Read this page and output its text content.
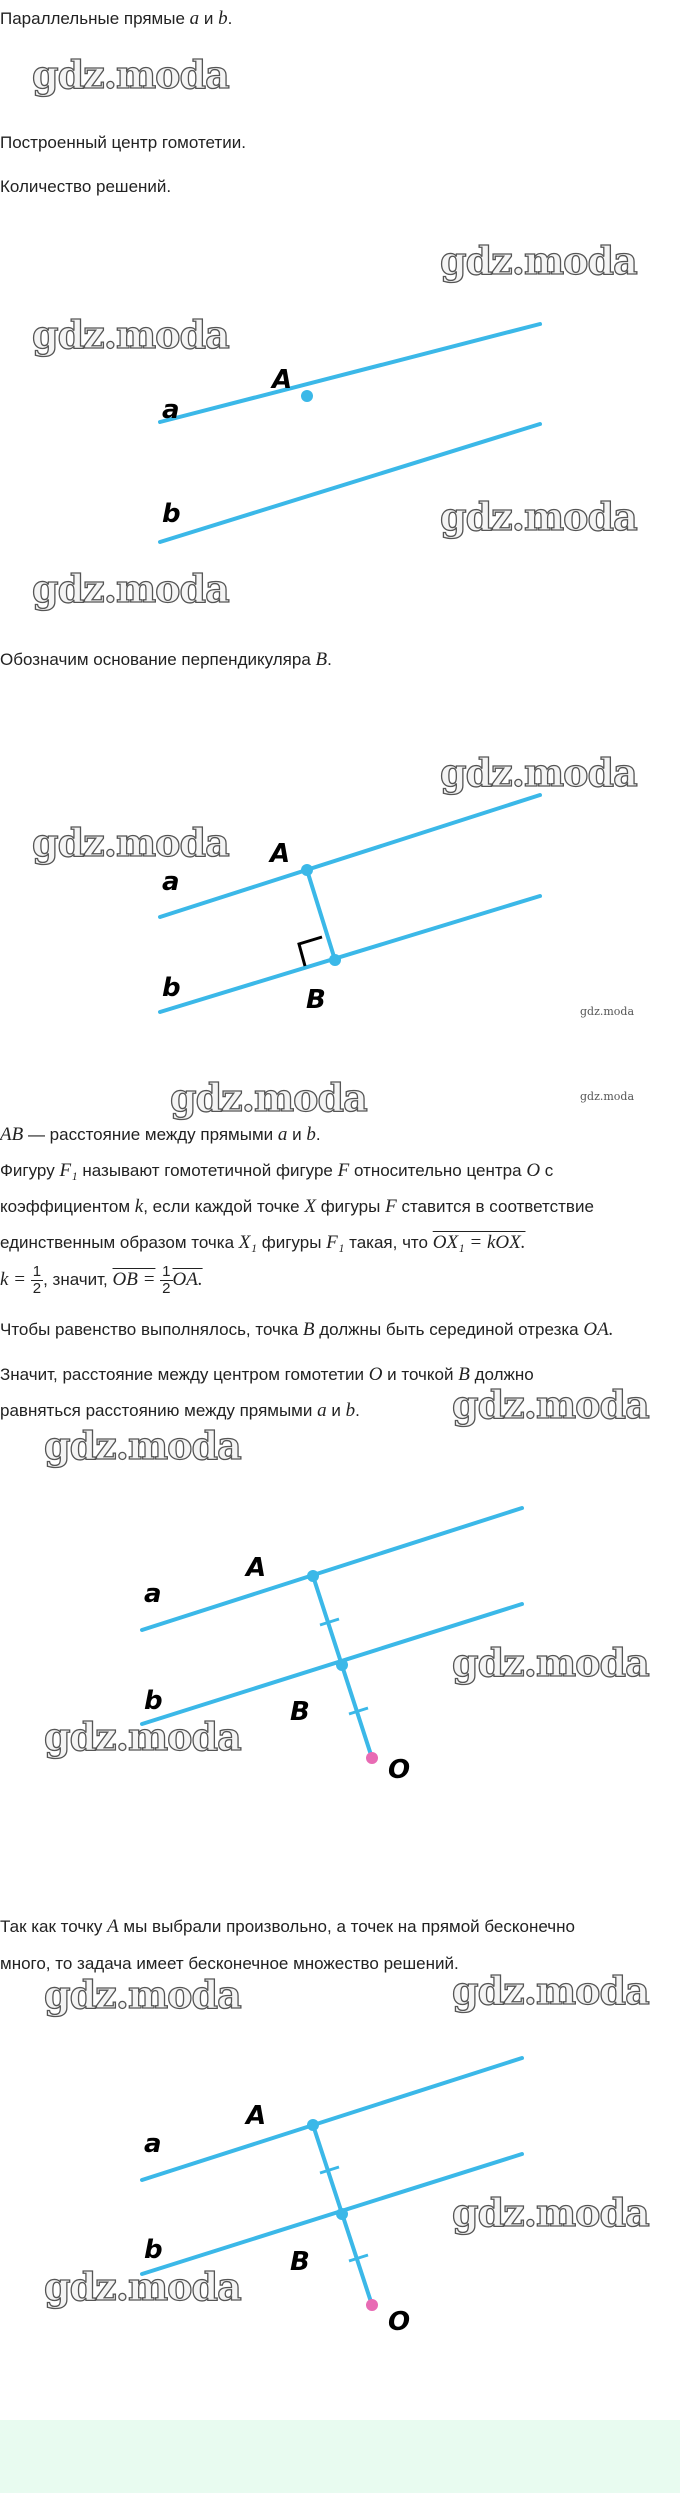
Параллельные прямые a и b.
gdz.moda
Построенный центр гомотетии.
Количество решений.
gdz.moda
gdz.moda
A
a
b	gdz.moda
gdz.moda
Обозначим основание перпендикуляра B.
gdz.moda
gdz.moda A
a
b	B	gdz.moda
gdz.moda	gdz.moda
AB — расстояние между прямыми a и b.
Фигуру F₁ называют гомотетичной фигуре F относительно центра O с
коэффициентом k, если каждой точке X фигуры F ставится в соответствие
единственным образом точка X₁ фигуры F₁ такая, что OX₁ = kOX.
$k = \frac{1}{2}$ , значит, OB = $\frac{1}{2}$ OA.
Чтобы равенство выполнялось, точка B должны быть серединой отрезка OA.
Значит, расстояние между центром гомотетии O и точкой B должно
равняться расстоянию между прямыми a и b. gdz.moda
gdz.moda
A
a
b	B
O
gdz.moda
gdz.moda
Так как точку A мы выбрали произвольно, а точек на прямой бесконечно
много, то задача имеет бесконечное множество решений.
gdz.moda
gdz.moda
A
a
b	B
O
gdz.moda
gdz.moda
